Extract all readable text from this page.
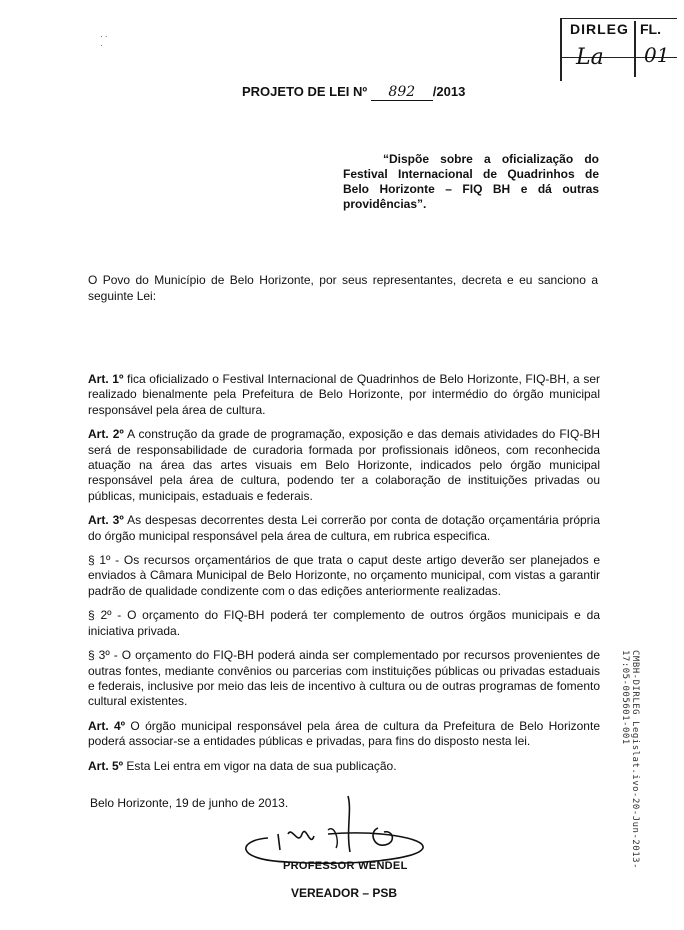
· ·
·
DIRLEG FL.
La 01
PROJETO DE LEI Nº 892 /2013

“Dispõe sobre a oficialização do Festival Internacional de Quadrinhos de Belo Horizonte – FIQ BH e dá outras providências”.

O Povo do Município de Belo Horizonte, por seus representantes, decreta e eu sanciono a seguinte Lei:

Art. 1º fica oficializado o Festival Internacional de Quadrinhos de Belo Horizonte, FIQ-BH, a ser realizado bienalmente pela Prefeitura de Belo Horizonte, por intermédio do órgão municipal responsável pela área de cultura.

Art. 2º A construção da grade de programação, exposição e das demais atividades do FIQ-BH será de responsabilidade de curadoria formada por profissionais idôneos, com reconhecida atuação na área das artes visuais em Belo Horizonte, indicados pelo órgão municipal responsável pela área de cultura, podendo ter a colaboração de instituições privadas ou públicas, municipais, estaduais e federais.

Art. 3º As despesas decorrentes desta Lei correrão por conta de dotação orçamentária própria do órgão municipal responsável pela área de cultura, em rubrica especifica.

§ 1º - Os recursos orçamentários de que trata o caput deste artigo deverão ser planejados e enviados à Câmara Municipal de Belo Horizonte, no orçamento municipal, com vistas a garantir padrão de qualidade condizente com o das edições anteriormente realizadas.

§ 2º - O orçamento do FIQ-BH poderá ter complemento de outros órgãos municipais e da iniciativa privada.

§ 3º - O orçamento do FIQ-BH poderá ainda ser complementado por recursos provenientes de outras fontes, mediante convênios ou parcerias com instituições públicas ou privadas estaduais e federais, inclusive por meio das leis de incentivo à cultura ou de outras programas de fomento cultural existentes.

Art. 4º O órgão municipal responsável pela área de cultura da Prefeitura de Belo Horizonte poderá associar-se a entidades públicas e privadas, para fins do disposto nesta lei.

Art. 5º Esta Lei entra em vigor na data de sua publicação.

Belo Horizonte, 19 de junho de 2013.
PROFESSOR WENDEL
VEREADOR – PSB
CMBH-DIRLEG Legislat.ivo-20-Jun-2013-17:05-005601-001
